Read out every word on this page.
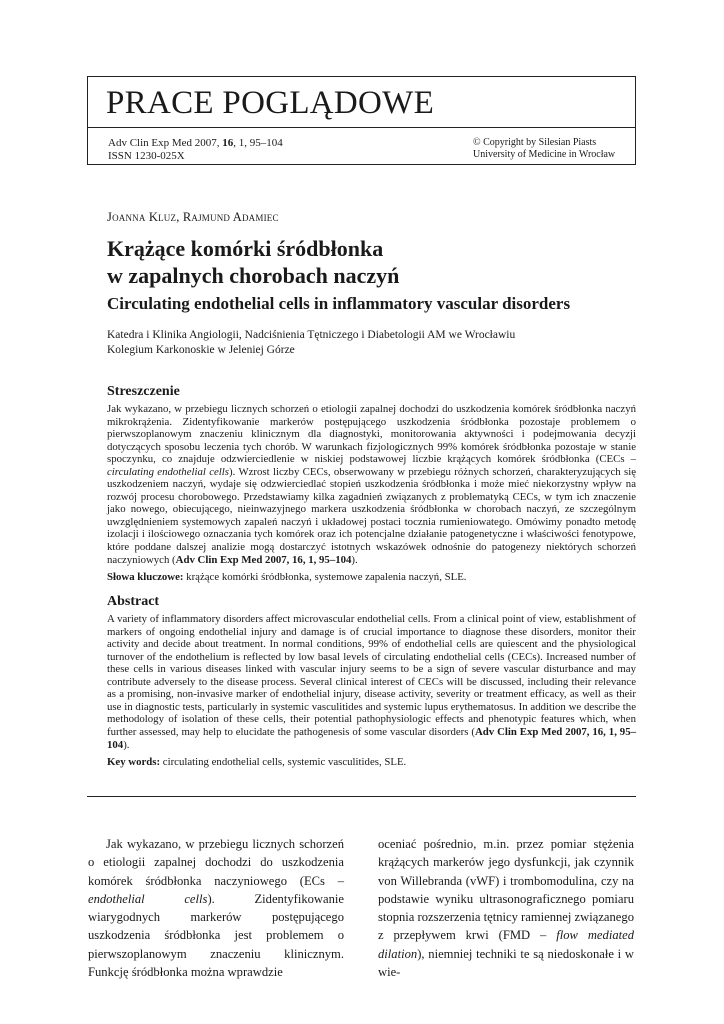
PRACE POGLĄDOWE
Adv Clin Exp Med 2007, 16, 1, 95–104
ISSN 1230-025X
© Copyright by Silesian Piasts
University of Medicine in Wrocław
Joanna Kluz, Rajmund Adamiec
Krążące komórki śródbłonka
w zapalnych chorobach naczyń
Circulating endothelial cells in inflammatory vascular disorders
Katedra i Klinika Angiologii, Nadciśnienia Tętniczego i Diabetologii AM we Wrocławiu
Kolegium Karkonoskie w Jeleniej Górze
Streszczenie

Jak wykazano, w przebiegu licznych schorzeń o etiologii zapalnej dochodzi do uszkodzenia komórek śródbłonka naczyń mikrokrążenia. Zidentyfikowanie markerów postępującego uszkodzenia śródbłonka pozostaje problemem o pierwszoplanowym znaczeniu klinicznym dla diagnostyki, monitorowania aktywności i podejmowania decyzji dotyczących sposobu leczenia tych chorób. W warunkach fizjologicznych 99% komórek śródbłonka pozostaje w stanie spoczynku, co znajduje odzwierciedlenie w niskiej podstawowej liczbie krążących komórek śródbłonka (CECs – circulating endothelial cells). Wzrost liczby CECs, obserwowany w przebiegu różnych schorzeń, charakteryzujących się uszkodzeniem naczyń, wydaje się odzwierciedlać stopień uszkodzenia śródbłonka i może mieć niekorzystny wpływ na rozwój procesu chorobowego. Przedstawiamy kilka zagadnień związanych z problematyką CECs, w tym ich znaczenie jako nowego, obiecującego, nieinwazyjnego markera uszkodzenia śródbłonka w chorobach naczyń, ze szczególnym uwzględnieniem systemowych zapaleń naczyń i układowej postaci tocznia rumieniowatego. Omówimy ponadto metodę izolacji i ilościowego oznaczania tych komórek oraz ich potencjalne działanie patogenetyczne i właściwości fenotypowe, które poddane dalszej analizie mogą dostarczyć istotnych wskazówek odnośnie do patogenezy niektórych schorzeń naczyniowych (Adv Clin Exp Med 2007, 16, 1, 95–104).

Słowa kluczowe: krążące komórki śródbłonka, systemowe zapalenia naczyń, SLE.

Abstract

A variety of inflammatory disorders affect microvascular endothelial cells. From a clinical point of view, establishment of markers of ongoing endothelial injury and damage is of crucial importance to diagnose these disorders, monitor their activity and decide about treatment. In normal conditions, 99% of endothelial cells are quiescent and the physiological turnover of the endothelium is reflected by low basal levels of circulating endothelial cells (CECs). Increased number of these cells in various diseases linked with vascular injury seems to be a sign of severe vascular disturbance and may contribute adversely to the disease process. Several clinical interest of CECs will be discussed, including their relevance as a promising, non-invasive marker of endothelial injury, disease activity, severity or treatment efficacy, as well as their use in diagnostic tests, particularly in systemic vasculitides and systemic lupus erythematosus. In addition we describe the methodology of isolation of these cells, their potential pathophysiologic effects and phenotypic features which, when further assessed, may help to elucidate the pathogenesis of some vascular disorders (Adv Clin Exp Med 2007, 16, 1, 95–104).

Key words: circulating endothelial cells, systemic vasculitides, SLE.

Jak wykazano, w przebiegu licznych schorzeń o etiologii zapalnej dochodzi do uszkodzenia komórek śródbłonka naczyniowego (ECs – endothelial cells). Zidentyfikowanie wiarygodnych markerów postępującego uszkodzenia śródbłonka jest problemem o pierwszoplanowym znaczeniu klinicznym. Funkcję śródbłonka można wprawdzie

oceniać pośrednio, m.in. przez pomiar stężenia krążących markerów jego dysfunkcji, jak czynnik von Willebranda (vWF) i trombomodulina, czy na podstawie wyniku ultrasonograficznego pomiaru stopnia rozszerzenia tętnicy ramiennej związanego z przepływem krwi (FMD – flow mediated dilation), niemniej techniki te są niedoskonałe i w wie-
